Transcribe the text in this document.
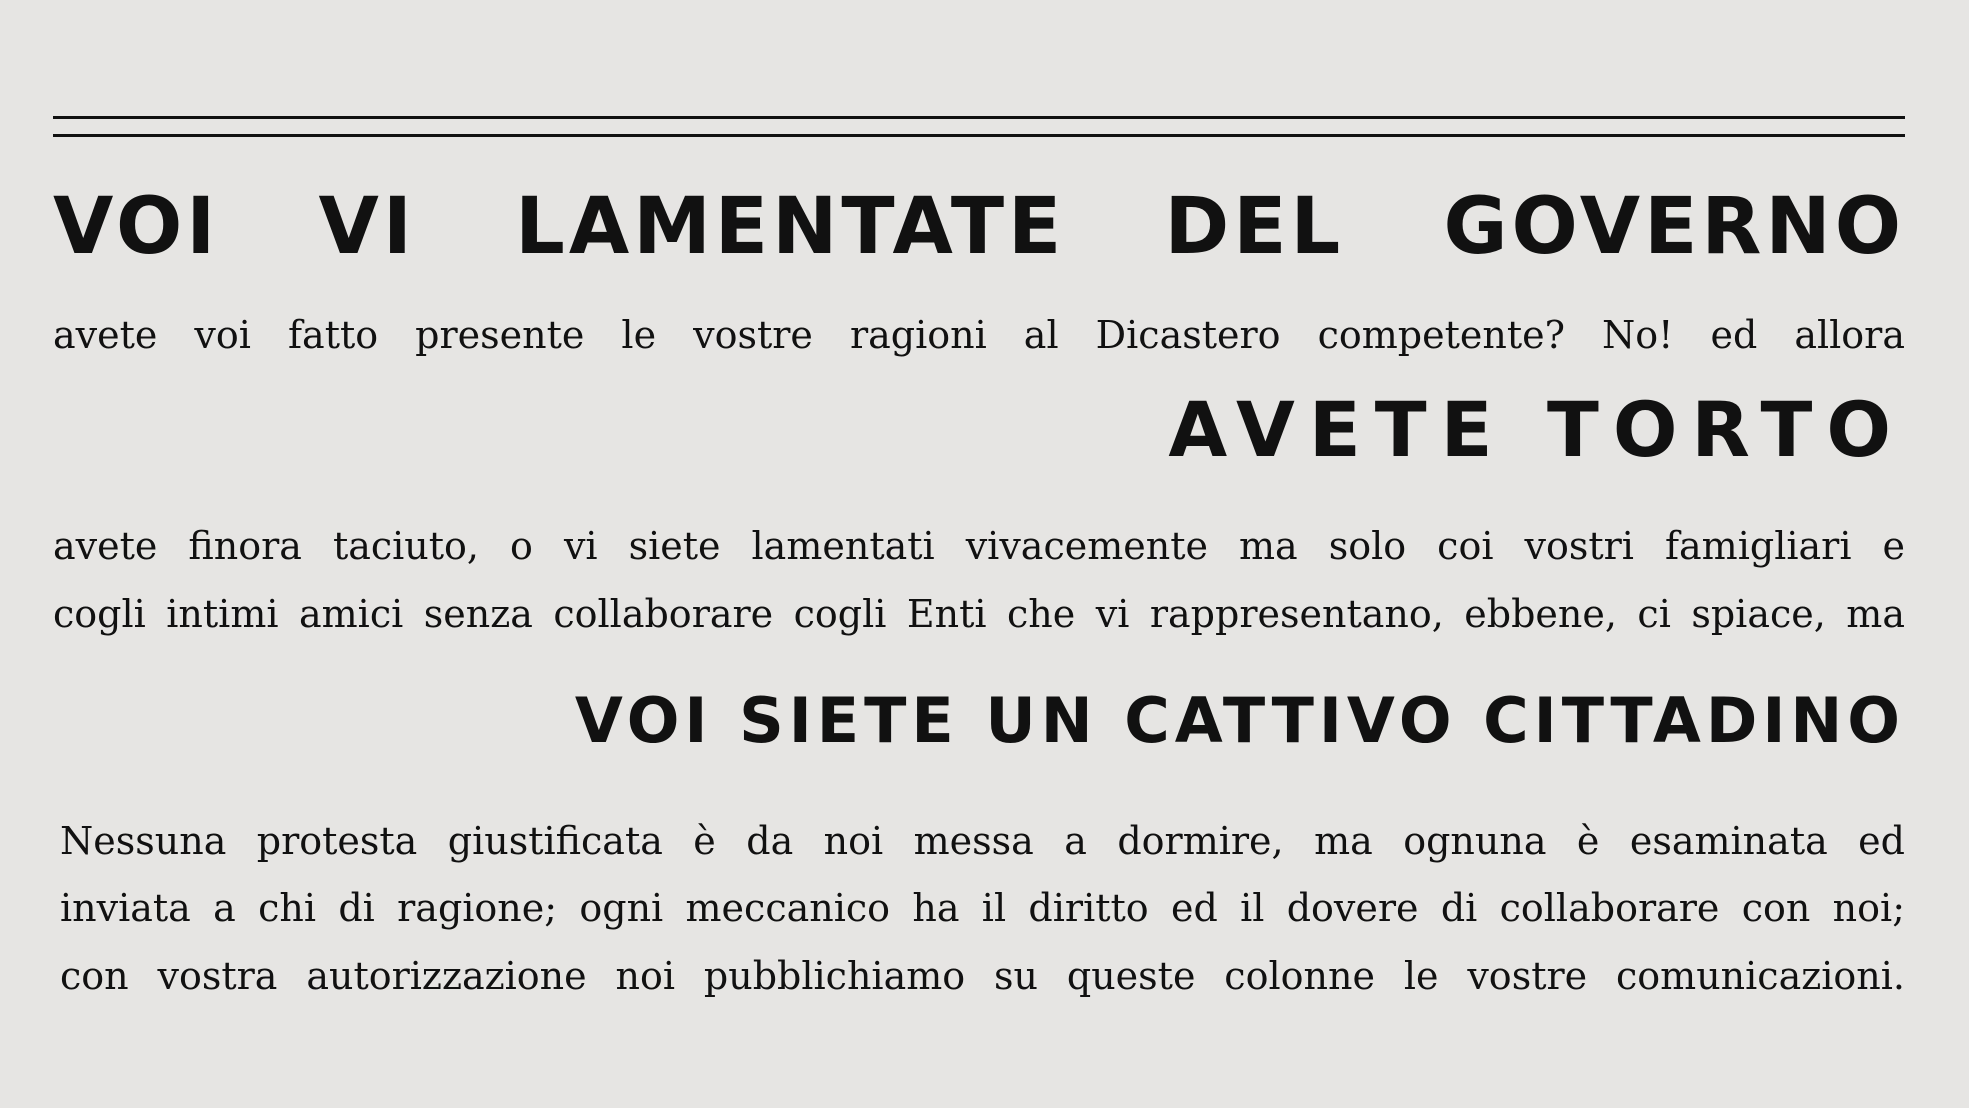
VOI VI LAMENTATE DEL GOVERNO
avete voi fatto presente le vostre ragioni al Dicastero competente? No! ed allora
AVETE TORTO
avete finora taciuto, o vi siete lamentati vivacemente ma solo coi vostri famigliari e
cogli intimi amici senza collaborare cogli Enti che vi rappresentano, ebbene, ci spiace, ma
VOI SIETE UN CATTIVO CITTADINO
Nessuna protesta giustificata è da noi messa a dormire, ma ognuna è esaminata ed
inviata a chi di ragione; ogni meccanico ha il diritto ed il dovere di collaborare con noi;
con vostra autorizzazione noi pubblichiamo su queste colonne le vostre comunicazioni.
